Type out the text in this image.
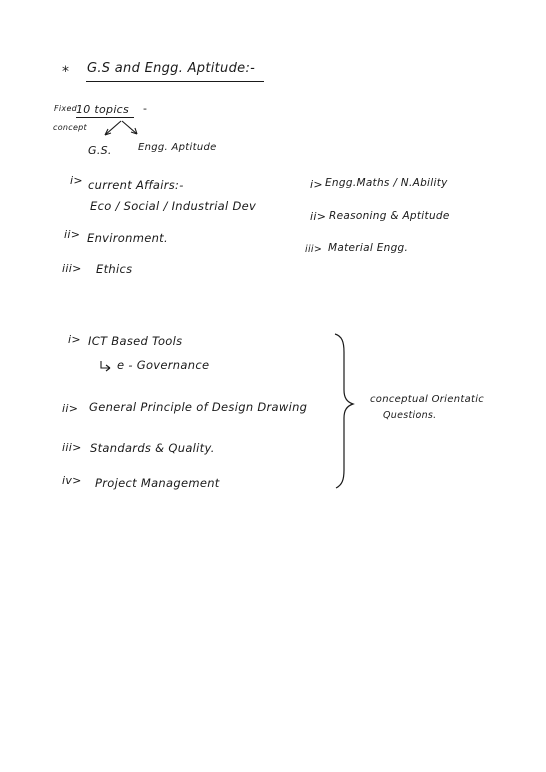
* G.S and Engg. Aptitude:-
Fixed
concept
10 topics -
G.S.	Engg. Aptitude
i> current Affairs:-
Eco / Social / Industrial Dev
ii> Environment.
iii> Ethics
i> Engg.Maths / N.Ability
ii> Reasoning & Aptitude
iii> Material Engg.
i> ICT Based Tools
e - Governance
ii> General Principle of Design Drawing
iii> Standards & Quality.
iv> Project Management
conceptual Orientatic
Questions.
